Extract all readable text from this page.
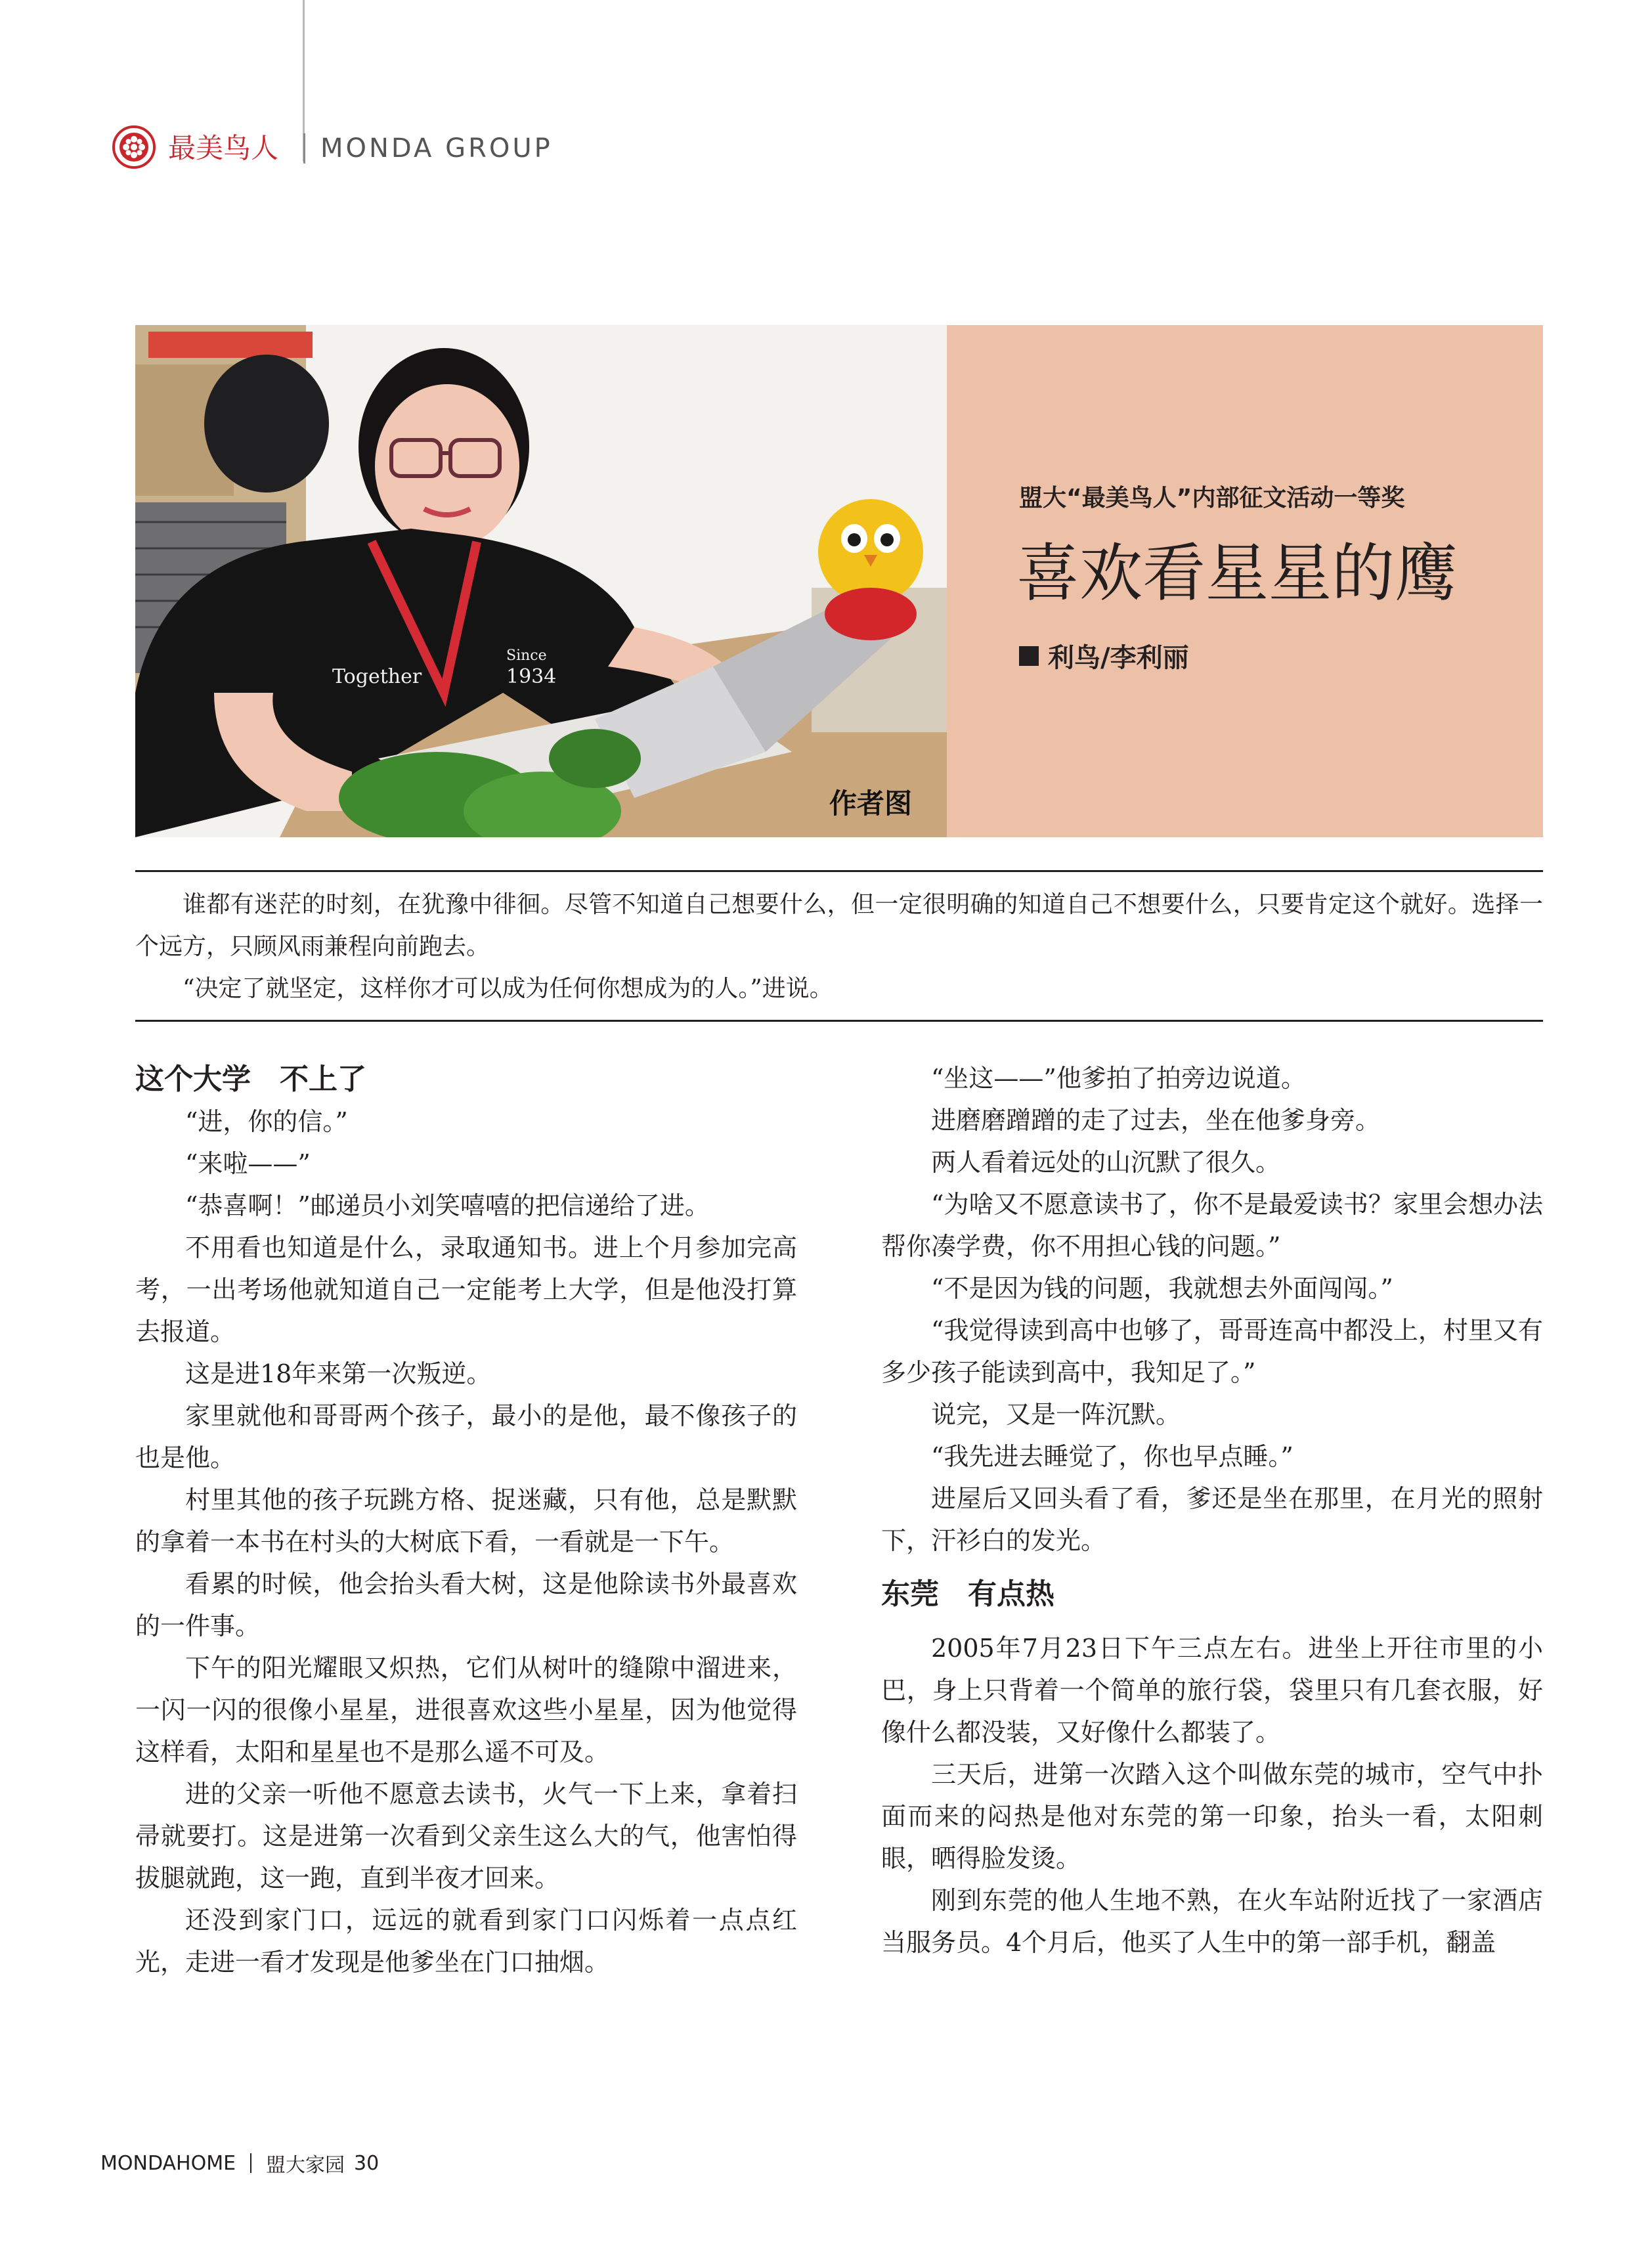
最美鸟人 MONDA GROUP
Together
Since
1934
作者图
盟大“最美鸟人”内部征文活动一等奖
喜欢看星星的鹰
利鸟/李利丽

谁都有迷茫的时刻，在犹豫中徘徊。尽管不知道自己想要什么，但一定很明确的知道自己不想要什么，只要肯定这个就好。选择一个远方，只顾风雨兼程向前跑去。

“决定了就坚定，这样你才可以成为任何你想成为的人。”进说。

这个大学　不上了

“进，你的信。”

“来啦——”

“恭喜啊！”邮递员小刘笑嘻嘻的把信递给了进。

不用看也知道是什么，录取通知书。进上个月参加完高考，一出考场他就知道自己一定能考上大学，但是他没打算去报道。

这是进18年来第一次叛逆。

家里就他和哥哥两个孩子，最小的是他，最不像孩子的也是他。

村里其他的孩子玩跳方格、捉迷藏，只有他，总是默默的拿着一本书在村头的大树底下看，一看就是一下午。

看累的时候，他会抬头看大树，这是他除读书外最喜欢的一件事。

下午的阳光耀眼又炽热，它们从树叶的缝隙中溜进来，一闪一闪的很像小星星，进很喜欢这些小星星，因为他觉得这样看，太阳和星星也不是那么遥不可及。

进的父亲一听他不愿意去读书，火气一下上来，拿着扫帚就要打。这是进第一次看到父亲生这么大的气，他害怕得拔腿就跑，这一跑，直到半夜才回来。

还没到家门口，远远的就看到家门口闪烁着一点点红光，走进一看才发现是他爹坐在门口抽烟。

“坐这——”他爹拍了拍旁边说道。

进磨磨蹭蹭的走了过去，坐在他爹身旁。

两人看着远处的山沉默了很久。

“为啥又不愿意读书了，你不是最爱读书？家里会想办法帮你凑学费，你不用担心钱的问题。”

“不是因为钱的问题，我就想去外面闯闯。”

“我觉得读到高中也够了，哥哥连高中都没上，村里又有多少孩子能读到高中，我知足了。”

说完，又是一阵沉默。

“我先进去睡觉了，你也早点睡。”

进屋后又回头看了看，爹还是坐在那里，在月光的照射下，汗衫白的发光。

东莞　有点热

2005年7月23日下午三点左右。进坐上开往市里的小巴，身上只背着一个简单的旅行袋，袋里只有几套衣服，好像什么都没装，又好像什么都装了。

三天后，进第一次踏入这个叫做东莞的城市，空气中扑面而来的闷热是他对东莞的第一印象，抬头一看，太阳刺眼，晒得脸发烫。

刚到东莞的他人生地不熟，在火车站附近找了一家酒店当服务员。4个月后，他买了人生中的第一部手机，翻盖

MONDAHOME 盟大家园 30
